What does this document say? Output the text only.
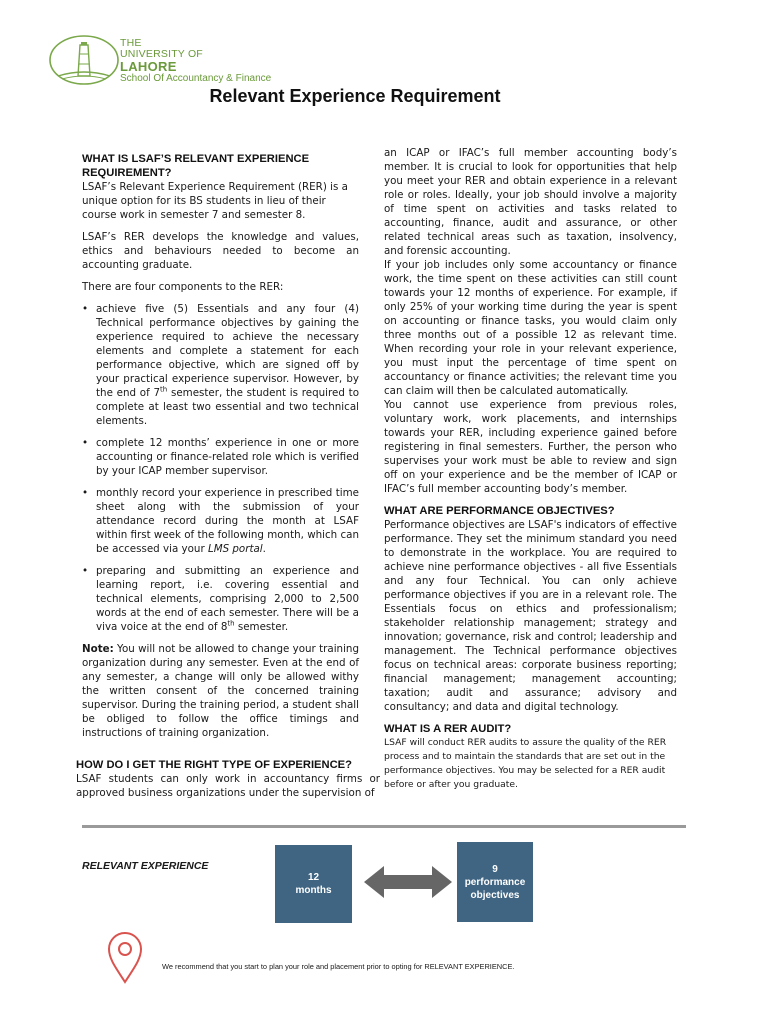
THE
UNIVERSITY OF
LAHORE
School Of Accountancy & Finance
Relevant Experience Requirement
WHAT IS LSAF’S RELEVANT EXPERIENCE REQUIREMENT?

LSAF’s Relevant Experience Requirement (RER) is a unique option for its BS students in lieu of their course work in semester 7 and semester 8.

LSAF’s RER develops the knowledge and values, ethics and behaviours needed to become an accounting graduate.

There are four components to the RER:

• achieve five (5) Essentials and any four (4) Technical performance objectives by gaining the experience required to achieve the necessary elements and complete a statement for each performance objective, which are signed off by your practical experience supervisor. However, by the end of 7th semester, the student is required to complete at least two essential and two technical elements.
• complete 12 months’ experience in one or more accounting or finance-related role which is verified by your ICAP member supervisor.
• monthly record your experience in prescribed time sheet along with the submission of your attendance record during the month at LSAF within first week of the following month, which can be accessed via your LMS portal.
• preparing and submitting an experience and learning report, i.e. covering essential and technical elements, comprising 2,000 to 2,500 words at the end of each semester. There will be a viva voice at the end of 8th semester.

Note: You will not be allowed to change your training organization during any semester. Even at the end of any semester, a change will only be allowed withy the written consent of the concerned training supervisor. During the training period, a student shall be obliged to follow the office timings and instructions of training organization.

HOW DO I GET THE RIGHT TYPE OF EXPERIENCE?
LSAF students can only work in accountancy firms or approved business organizations under the supervision of
an ICAP or IFAC’s full member accounting body’s member. It is crucial to look for opportunities that help you meet your RER and obtain experience in a relevant role or roles. Ideally, your job should involve a majority of time spent on activities and tasks related to accounting, finance, audit and assurance, or other related technical areas such as taxation, insolvency, and forensic accounting.
If your job includes only some accountancy or finance work, the time spent on these activities can still count towards your 12 months of experience. For example, if only 25% of your working time during the year is spent on accounting or finance tasks, you would claim only three months out of a possible 12 as relevant time. When recording your role in your relevant experience, you must input the percentage of time spent on accountancy or finance activities; the relevant time you can claim will then be calculated automatically.

You cannot use experience from previous roles, voluntary work, work placements, and internships towards your RER, including experience gained before registering in final semesters. Further, the person who supervises your work must be able to review and sign off on your experience and be the member of ICAP or IFAC’s full member accounting body’s member.

WHAT ARE PERFORMANCE OBJECTIVES?

Performance objectives are LSAF's indicators of effective performance. They set the minimum standard you need to demonstrate in the workplace. You are required to achieve nine performance objectives - all five Essentials and any four Technical. You can only achieve performance objectives if you are in a relevant role. The Essentials focus on ethics and professionalism; stakeholder relationship management; strategy and innovation; governance, risk and control; leadership and management. The Technical performance objectives focus on technical areas: corporate business reporting; financial management; management accounting; taxation; audit and assurance; advisory and consultancy; and data and digital technology.

WHAT IS A RER AUDIT?
LSAF will conduct RER audits to assure the quality of the RER process and to maintain the standards that are set out in the performance objectives. You may be selected for a RER audit before or after you graduate.
RELEVANT EXPERIENCE
12
months
9
performance
objectives
We recommend that you start to plan your role and placement prior to opting for RELEVANT EXPERIENCE.
